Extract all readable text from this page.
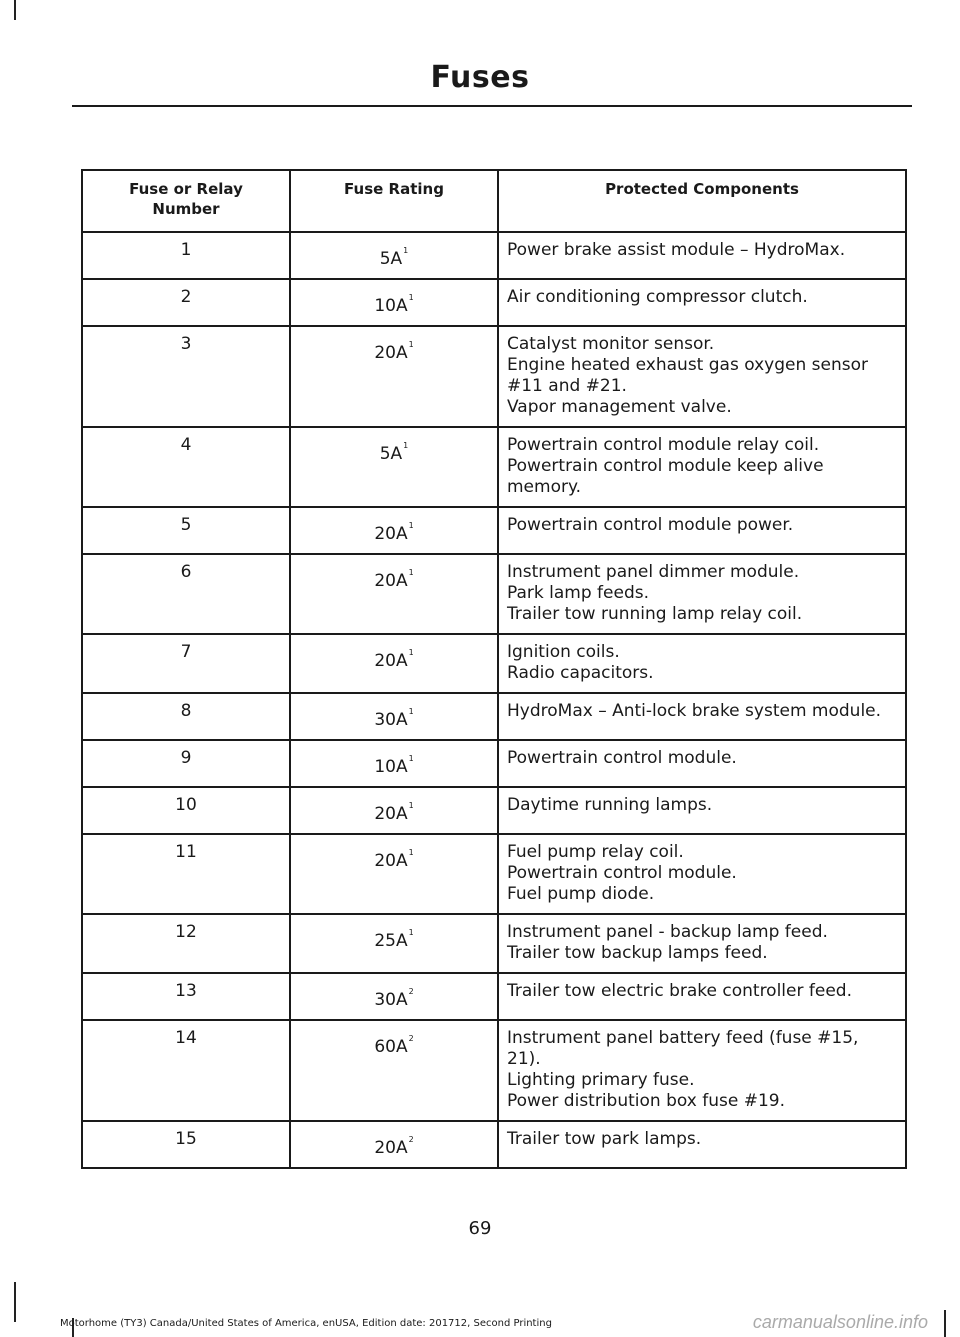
Fuses
Fuse or Relay Number	Fuse Rating	Protected Components
1	5A$^1$	Power brake assist module – HydroMax.

2	10A$^1$	Air conditioning compressor clutch.

3	20A$^1$	Catalyst monitor sensor.
Engine heated exhaust gas oxygen sensor #11 and #21.
Vapor management valve.

4	5A$^1$	Powertrain control module relay coil.
Powertrain control module keep alive memory.

5	20A$^1$	Powertrain control module power.

6	20A$^1$	Instrument panel dimmer module.
Park lamp feeds.
Trailer tow running lamp relay coil.

7	20A$^1$	Ignition coils.
Radio capacitors.

8	30A$^1$	HydroMax – Anti-lock brake system module.

9	10A$^1$	Powertrain control module.

10	20A$^1$	Daytime running lamps.

11	20A$^1$	Fuel pump relay coil.
Powertrain control module.
Fuel pump diode.

12	25A$^1$	Instrument panel - backup lamp feed.
Trailer tow backup lamps feed.

13	30A$^2$	Trailer tow electric brake controller feed.

14	60A$^2$	Instrument panel battery feed (fuse #15, 21).
Lighting primary fuse.
Power distribution box fuse #19.

15	20A$^2$	Trailer tow park lamps.
69
Motorhome (TY3) Canada/United States of America, enUSA, Edition date: 201712, Second Printing	carmanualsonline.info
